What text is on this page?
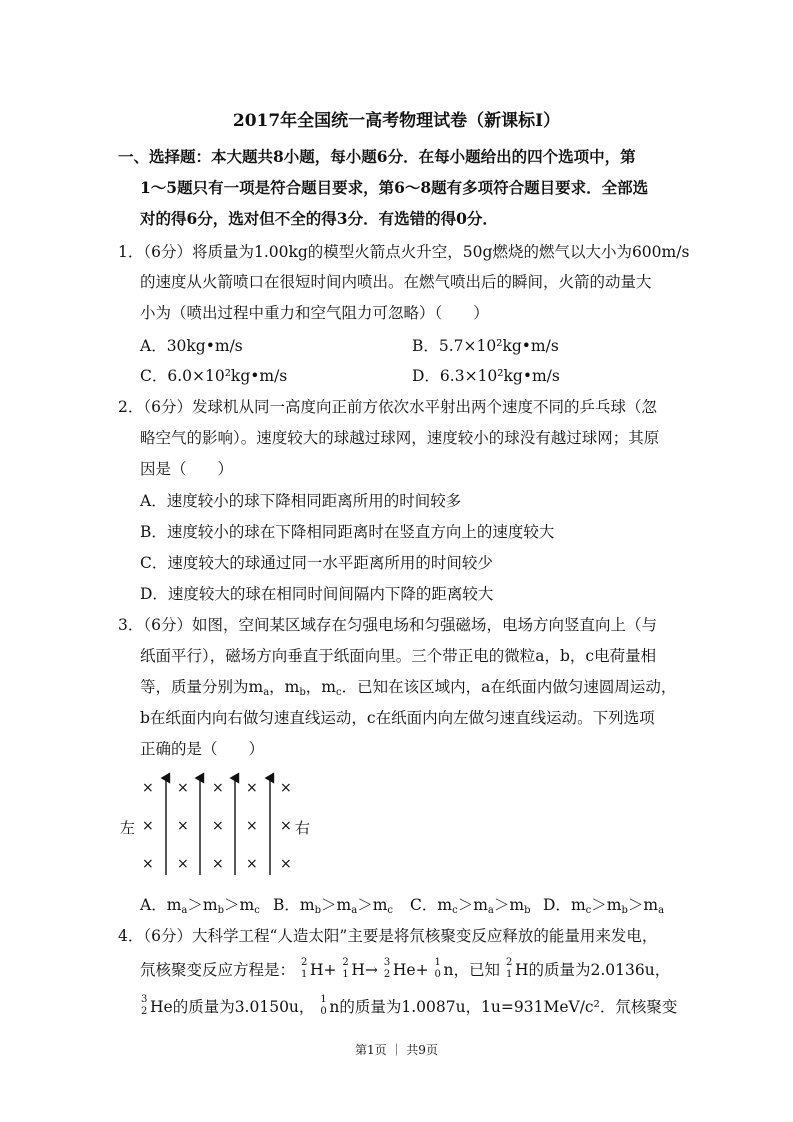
2017年全国统一高考物理试卷（新课标Ⅰ）
一、选择题：本大题共8小题，每小题6分．在每小题给出的四个选项中，第
1～5题只有一项是符合题目要求，第6～8题有多项符合题目要求．全部选
对的得6分，选对但不全的得3分．有选错的得0分．
1．（6分）将质量为1.00kg的模型火箭点火升空，50g燃烧的燃气以大小为600m/s
的速度从火箭喷口在很短时间内喷出。在燃气喷出后的瞬间，火箭的动量大
小为（喷出过程中重力和空气阻力可忽略）（　　）
A．30kg•m/s	B．5.7×10²kg•m/s
C．6.0×10²kg•m/s	D．6.3×10²kg•m/s
2．（6分）发球机从同一高度向正前方依次水平射出两个速度不同的乒乓球（忽
略空气的影响）。速度较大的球越过球网，速度较小的球没有越过球网；其原
因是（　　）
A．速度较小的球下降相同距离所用的时间较多
B．速度较小的球在下降相同距离时在竖直方向上的速度较大
C．速度较大的球通过同一水平距离所用的时间较少
D．速度较大的球在相同时间间隔内下降的距离较大
3．（6分）如图，空间某区域存在匀强电场和匀强磁场，电场方向竖直向上（与
纸面平行），磁场方向垂直于纸面向里。三个带正电的微粒a，b，c电荷量相
等，质量分别为$m_a$，$m_b$，$m_c$．已知在该区域内，a在纸面内做匀速圆周运动，
b在纸面内向右做匀速直线运动，c在纸面内向左做匀速直线运动。下列选项
正确的是（　　）
× × × × ×
左 × × × × × 右
× × × × ×
A．$m_a>m_b>m_c$ B．$m_b>m_a>m_c$ C．$m_c>m_a>m_b$ D．$m_c>m_b>m_a$
4．（6分）大科学工程“人造太阳”主要是将氘核聚变反应释放的能量用来发电，
氘核聚变反应方程是： 2
1 H+ 2
1 H→ 3
2 He+ 1
0 n，已知 2
1 H的质量为2.0136u，
3
2 He的质量为3.0150u， 1
0 n的质量为1.0087u，1u=931MeV/c²．氘核聚变
第1页 ｜ 共9页
